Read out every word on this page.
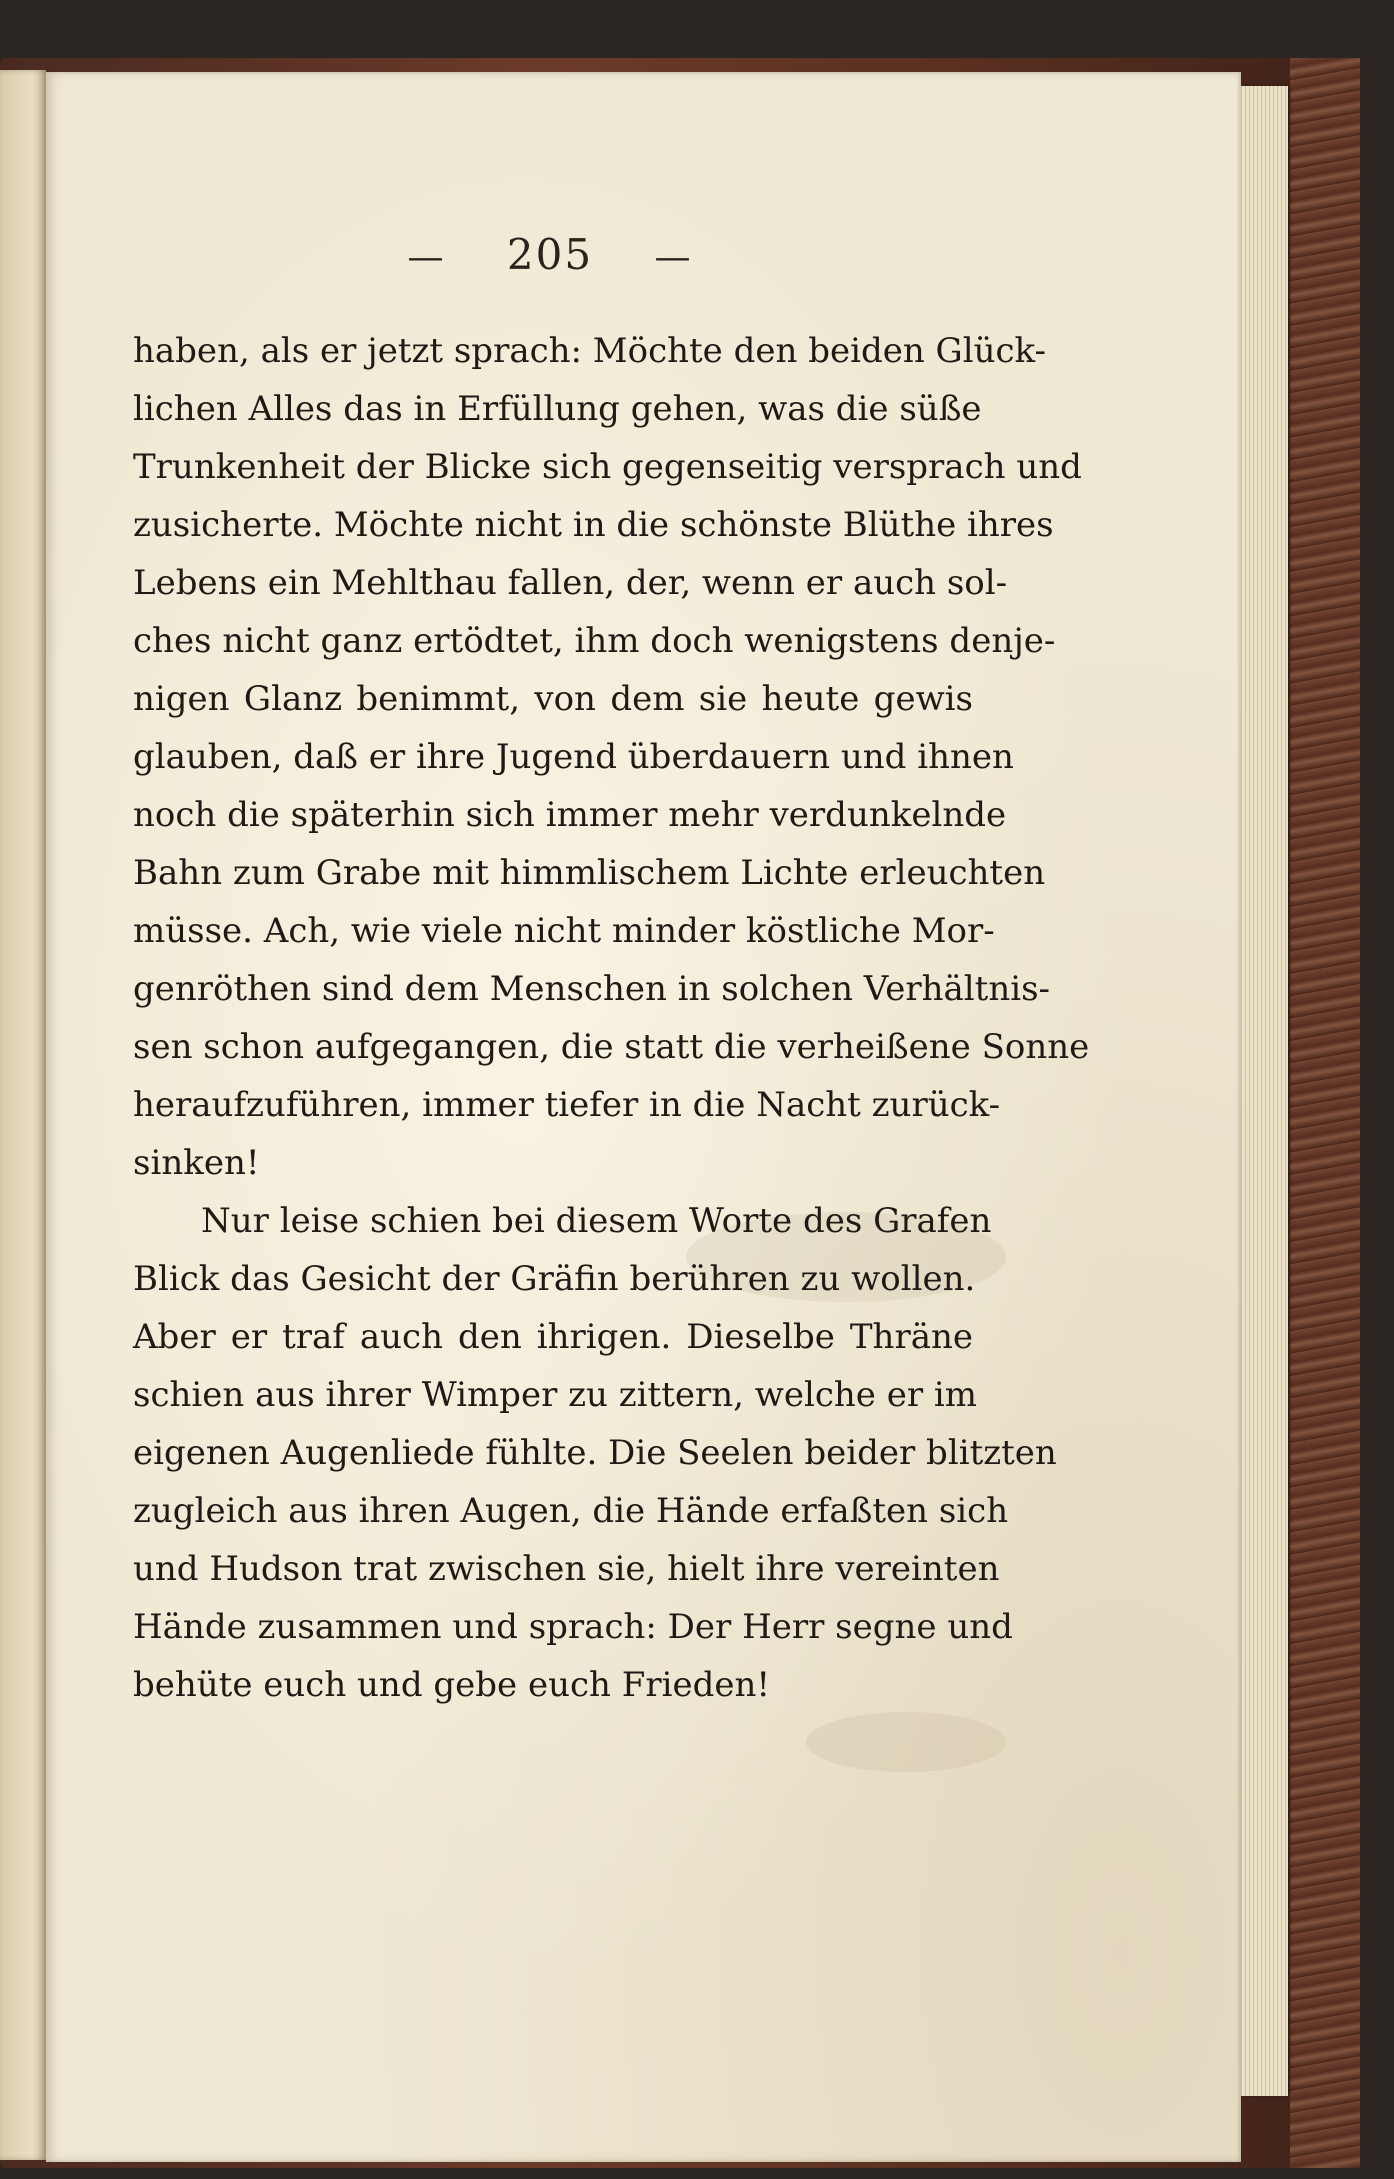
— 205 —
haben, als er jetzt sprach: Möchte den beiden Glück-
lichen Alles das in Erfüllung gehen, was die süße
Trunkenheit der Blicke sich gegenseitig versprach und
zusicherte. Möchte nicht in die schönste Blüthe ihres
Lebens ein Mehlthau fallen, der, wenn er auch sol-
ches nicht ganz ertödtet, ihm doch wenigstens denje-
nigen Glanz benimmt, von dem sie heute gewis
glauben, daß er ihre Jugend überdauern und ihnen
noch die späterhin sich immer mehr verdunkelnde
Bahn zum Grabe mit himmlischem Lichte erleuchten
müsse. Ach, wie viele nicht minder köstliche Mor-
genröthen sind dem Menschen in solchen Verhältnis-
sen schon aufgegangen, die statt die verheißene Sonne
heraufzuführen, immer tiefer in die Nacht zurück-
sinken!
Nur leise schien bei diesem Worte des Grafen
Blick das Gesicht der Gräfin berühren zu wollen.
Aber er traf auch den ihrigen. Dieselbe Thräne
schien aus ihrer Wimper zu zittern, welche er im
eigenen Augenliede fühlte. Die Seelen beider blitzten
zugleich aus ihren Augen, die Hände erfaßten sich
und Hudson trat zwischen sie, hielt ihre vereinten
Hände zusammen und sprach: Der Herr segne und
behüte euch und gebe euch Frieden!
